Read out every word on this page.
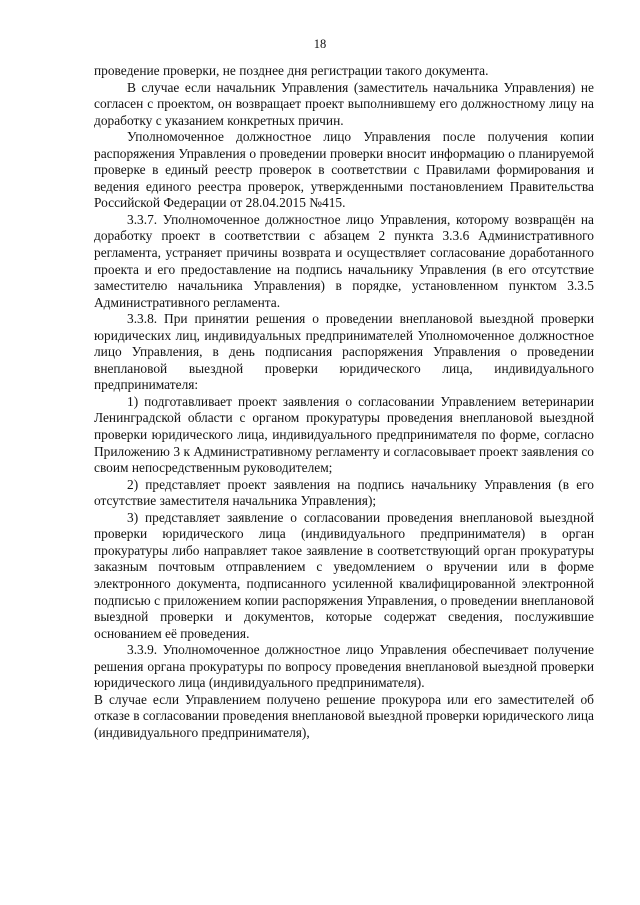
18

проведение проверки, не позднее дня регистрации такого документа.

В случае если начальник Управления (заместитель начальника Управления) не согласен с проектом, он возвращает проект выполнившему его должностному лицу на доработку с указанием конкретных причин.

Уполномоченное должностное лицо Управления после получения копии распоряжения Управления о проведении проверки вносит информацию о планируемой проверке в единый реестр проверок в соответствии с Правилами формирования и ведения единого реестра проверок, утвержденными постановлением Правительства Российской Федерации от 28.04.2015 №415.

3.3.7. Уполномоченное должностное лицо Управления, которому возвращён на доработку проект в соответствии с абзацем 2 пункта 3.3.6 Административного регламента, устраняет причины возврата и осуществляет согласование доработанного проекта и его предоставление на подпись начальнику Управления (в его отсутствие заместителю начальника Управления) в порядке, установленном пунктом 3.3.5 Административного регламента.

3.3.8. При принятии решения о проведении внеплановой выездной проверки юридических лиц, индивидуальных предпринимателей Уполномоченное должностное лицо Управления, в день подписания распоряжения Управления о проведении внеплановой выездной проверки юридического лица, индивидуального предпринимателя:

1) подготавливает проект заявления о согласовании Управлением ветеринарии Ленинградской области с органом прокуратуры проведения внеплановой выездной проверки юридического лица, индивидуального предпринимателя по форме, согласно Приложению 3 к Административному регламенту и согласовывает проект заявления со своим непосредственным руководителем;

2) представляет проект заявления на подпись начальнику Управления (в его отсутствие заместителя начальника Управления);

3) представляет заявление о согласовании проведения внеплановой выездной проверки юридического лица (индивидуального предпринимателя) в орган прокуратуры либо направляет такое заявление в соответствующий орган прокуратуры заказным почтовым отправлением с уведомлением о вручении или в форме электронного документа, подписанного усиленной квалифицированной электронной подписью с приложением копии распоряжения Управления, о проведении внеплановой выездной проверки и документов, которые содержат сведения, послужившие основанием её проведения.

3.3.9. Уполномоченное должностное лицо Управления обеспечивает получение решения органа прокуратуры по вопросу проведения внеплановой выездной проверки юридического лица (индивидуального предпринимателя).

В случае если Управлением получено решение прокурора или его заместителей об отказе в согласовании проведения внеплановой выездной проверки юридического лица (индивидуального предпринимателя),
